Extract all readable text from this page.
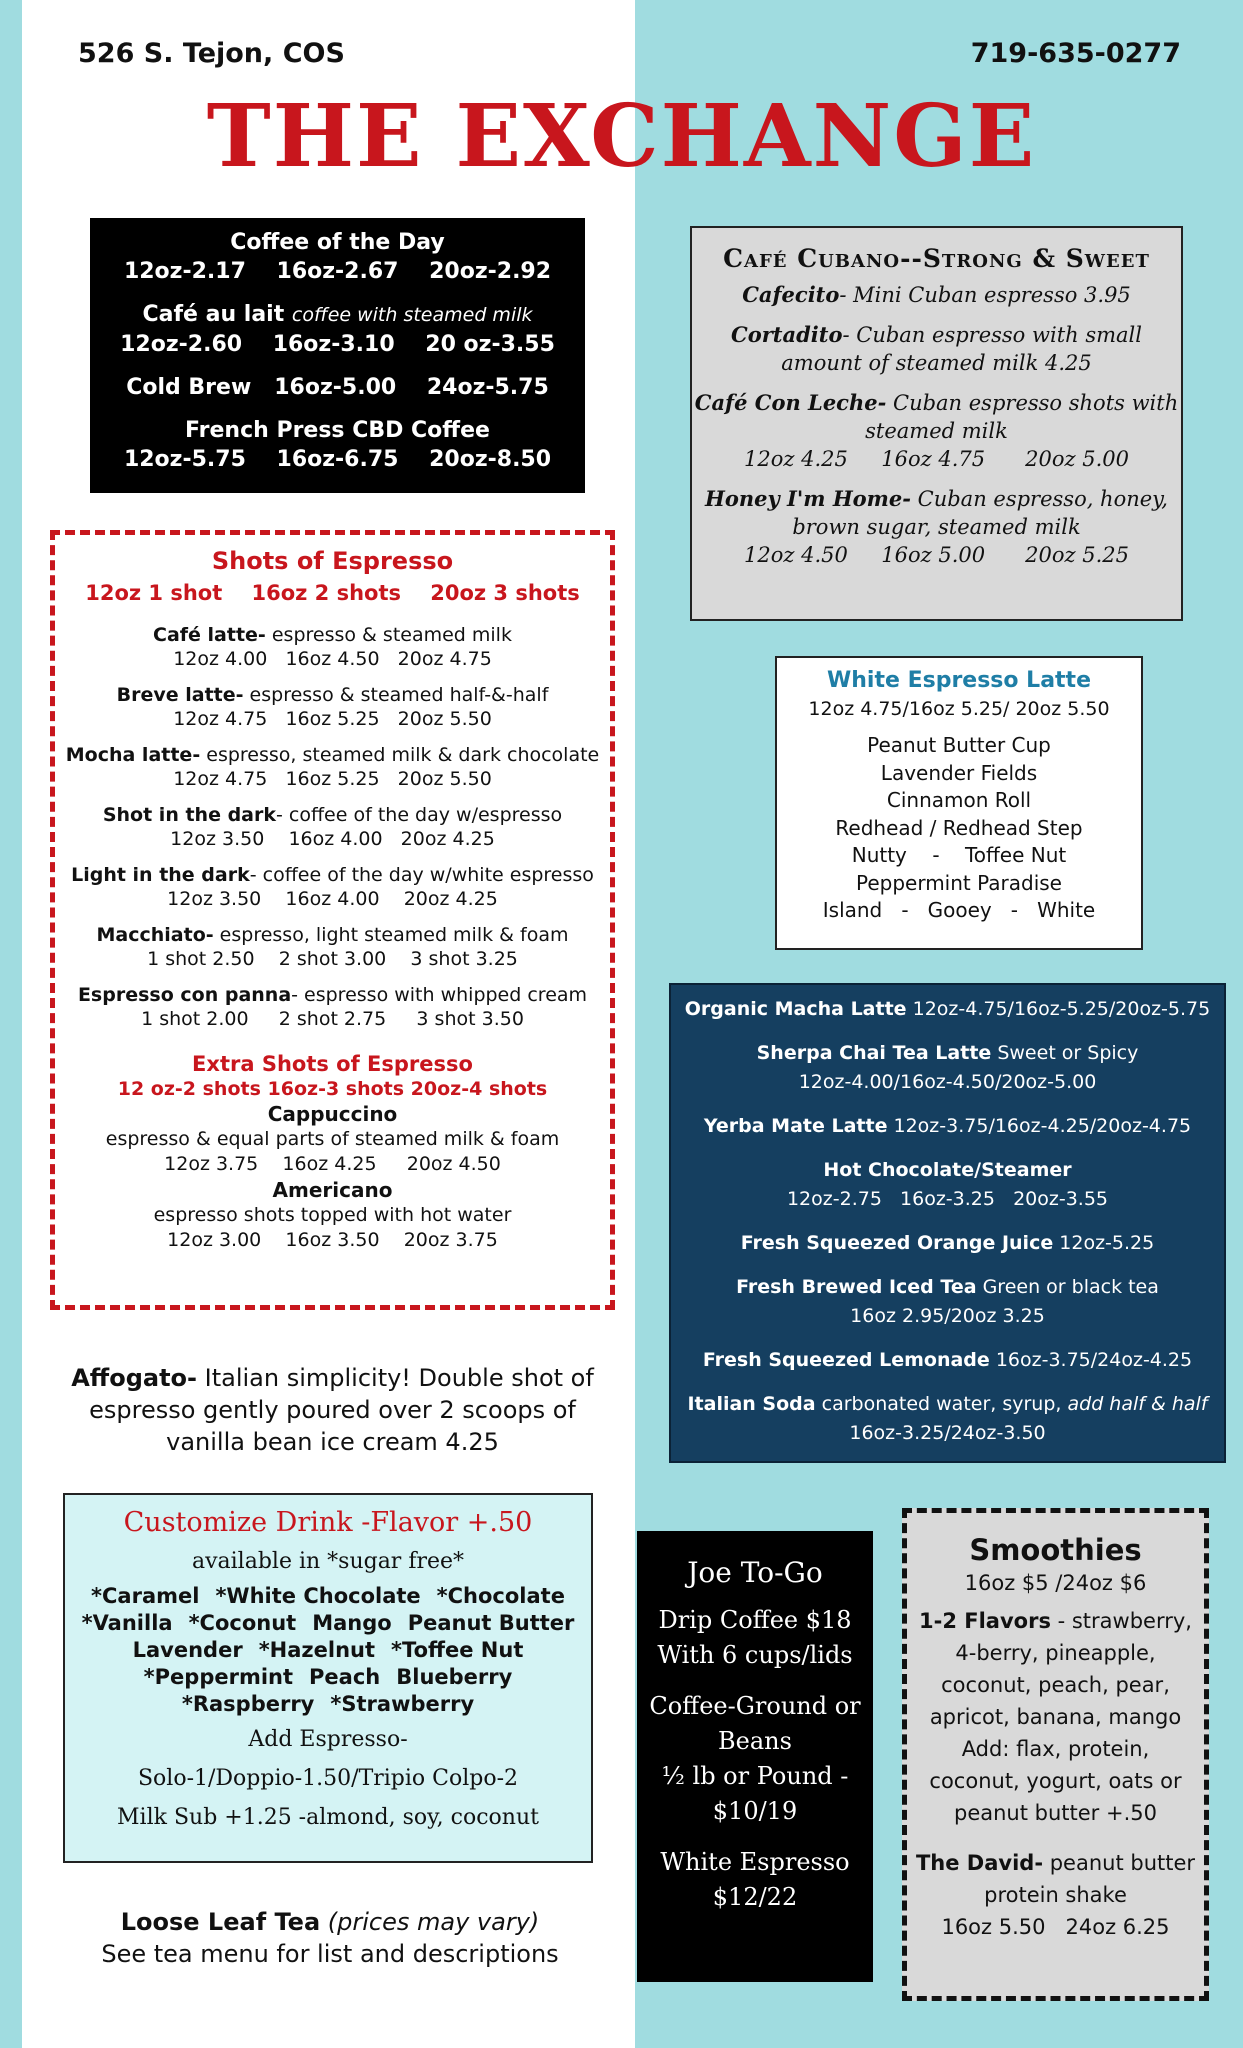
526 S. Tejon, COS	719-635-0277
THE EXCHANGE
Coffee of the Day
12oz-2.17    16oz-2.67    20oz-2.92
Café au lait coffee with steamed milk
12oz-2.60    16oz-3.10    20 oz-3.55
Cold Brew   16oz-5.00    24oz-5.75
French Press CBD Coffee
12oz-5.75    16oz-6.75    20oz-8.50
Shots of Espresso
12oz 1 shot    16oz 2 shots    20oz 3 shots
Café latte- espresso & steamed milk
12oz 4.00   16oz 4.50   20oz 4.75
Breve latte- espresso & steamed half-&-half
12oz 4.75   16oz 5.25   20oz 5.50
Mocha latte- espresso, steamed milk & dark chocolate
12oz 4.75   16oz 5.25   20oz 5.50
Shot in the dark- coffee of the day w/espresso
12oz 3.50    16oz 4.00   20oz 4.25
Light in the dark- coffee of the day w/white espresso
12oz 3.50    16oz 4.00    20oz 4.25
Macchiato- espresso, light steamed milk & foam
1 shot 2.50    2 shot 3.00    3 shot 3.25
Espresso con panna- espresso with whipped cream
1 shot 2.00     2 shot 2.75     3 shot 3.50
Extra Shots of Espresso
12 oz-2 shots 16oz-3 shots 20oz-4 shots
Cappuccino
espresso & equal parts of steamed milk & foam
12oz 3.75    16oz 4.25     20oz 4.50
Americano
espresso shots topped with hot water
12oz 3.00    16oz 3.50    20oz 3.75
Affogato- Italian simplicity! Double shot of espresso gently poured over 2 scoops of vanilla bean ice cream 4.25
Customize Drink -Flavor +.50
available in *sugar free*
*Caramel *White Chocolate *Chocolate
*Vanilla *Coconut Mango Peanut Butter
Lavender *Hazelnut *Toffee Nut
*Peppermint Peach Blueberry
*Raspberry *Strawberry
Add Espresso-
Solo-1/Doppio-1.50/Tripio Colpo-2
Milk Sub +1.25 -almond, soy, coconut
Loose Leaf Tea (prices may vary)
See tea menu for list and descriptions
Café Cubano--Strong & Sweet
Cafecito- Mini Cuban espresso 3.95
Cortadito- Cuban espresso with small amount of steamed milk 4.25
Café Con Leche- Cuban espresso shots with steamed milk
12oz 4.25     16oz 4.75      20oz 5.00
Honey I'm Home- Cuban espresso, honey, brown sugar, steamed milk
12oz 4.50     16oz 5.00      20oz 5.25
White Espresso Latte
12oz 4.75/16oz 5.25/ 20oz 5.50
Peanut Butter Cup
Lavender Fields
Cinnamon Roll
Redhead / Redhead Step
Nutty    -    Toffee Nut
Peppermint Paradise
Island   -   Gooey   -   White
Organic Macha Latte 12oz-4.75/16oz-5.25/20oz-5.75
Sherpa Chai Tea Latte Sweet or Spicy
12oz-4.00/16oz-4.50/20oz-5.00
Yerba Mate Latte 12oz-3.75/16oz-4.25/20oz-4.75
Hot Chocolate/Steamer
12oz-2.75   16oz-3.25   20oz-3.55
Fresh Squeezed Orange Juice 12oz-5.25
Fresh Brewed Iced Tea Green or black tea
16oz 2.95/20oz 3.25
Fresh Squeezed Lemonade 16oz-3.75/24oz-4.25
Italian Soda carbonated water, syrup, add half & half
16oz-3.25/24oz-3.50
Joe To-Go
Drip Coffee $18
With 6 cups/lids
Coffee-Ground or
Beans
½ lb or Pound -
$10/19
White Espresso
$12/22
Smoothies
16oz $5 /24oz $6
1-2 Flavors - strawberry,
4-berry, pineapple,
coconut, peach, pear,
apricot, banana, mango
Add: flax, protein,
coconut, yogurt, oats or
peanut butter +.50
The David- peanut butter
protein shake
16oz 5.50   24oz 6.25
